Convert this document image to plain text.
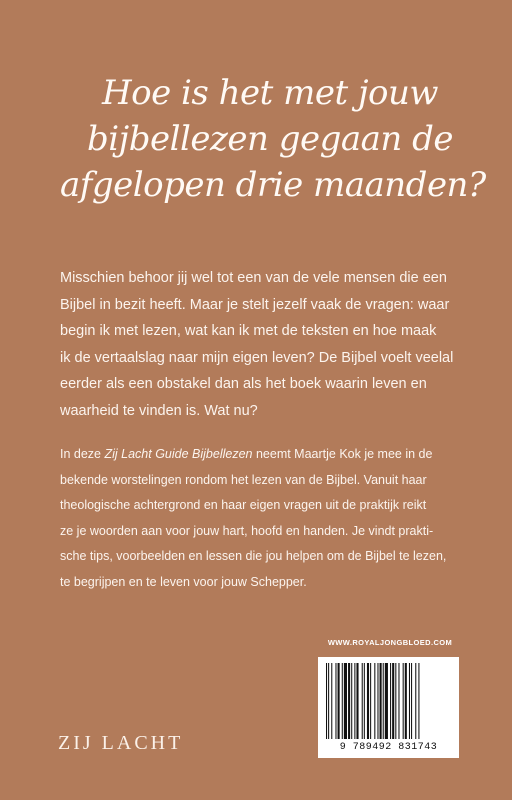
Hoe is het met jouw
bijbellezen gegaan de
afgelopen drie maanden?
Misschien behoor jij wel tot een van de vele mensen die een
Bijbel in bezit heeft. Maar je stelt jezelf vaak de vragen: waar
begin ik met lezen, wat kan ik met de teksten en hoe maak
ik de vertaalslag naar mijn eigen leven? De Bijbel voelt veelal
eerder als een obstakel dan als het boek waarin leven en
waarheid te vinden is. Wat nu?
In deze Zij Lacht Guide Bijbellezen neemt Maartje Kok je mee in de
bekende worstelingen rondom het lezen van de Bijbel. Vanuit haar
theologische achtergrond en haar eigen vragen uit de praktijk reikt
ze je woorden aan voor jouw hart, hoofd en handen. Je vindt prakti-
sche tips, voorbeelden en lessen die jou helpen om de Bijbel te lezen,
te begrijpen en te leven voor jouw Schepper.
WWW.ROYALJONGBLOED.COM
9 789492 831743
ZIJ LACHT
